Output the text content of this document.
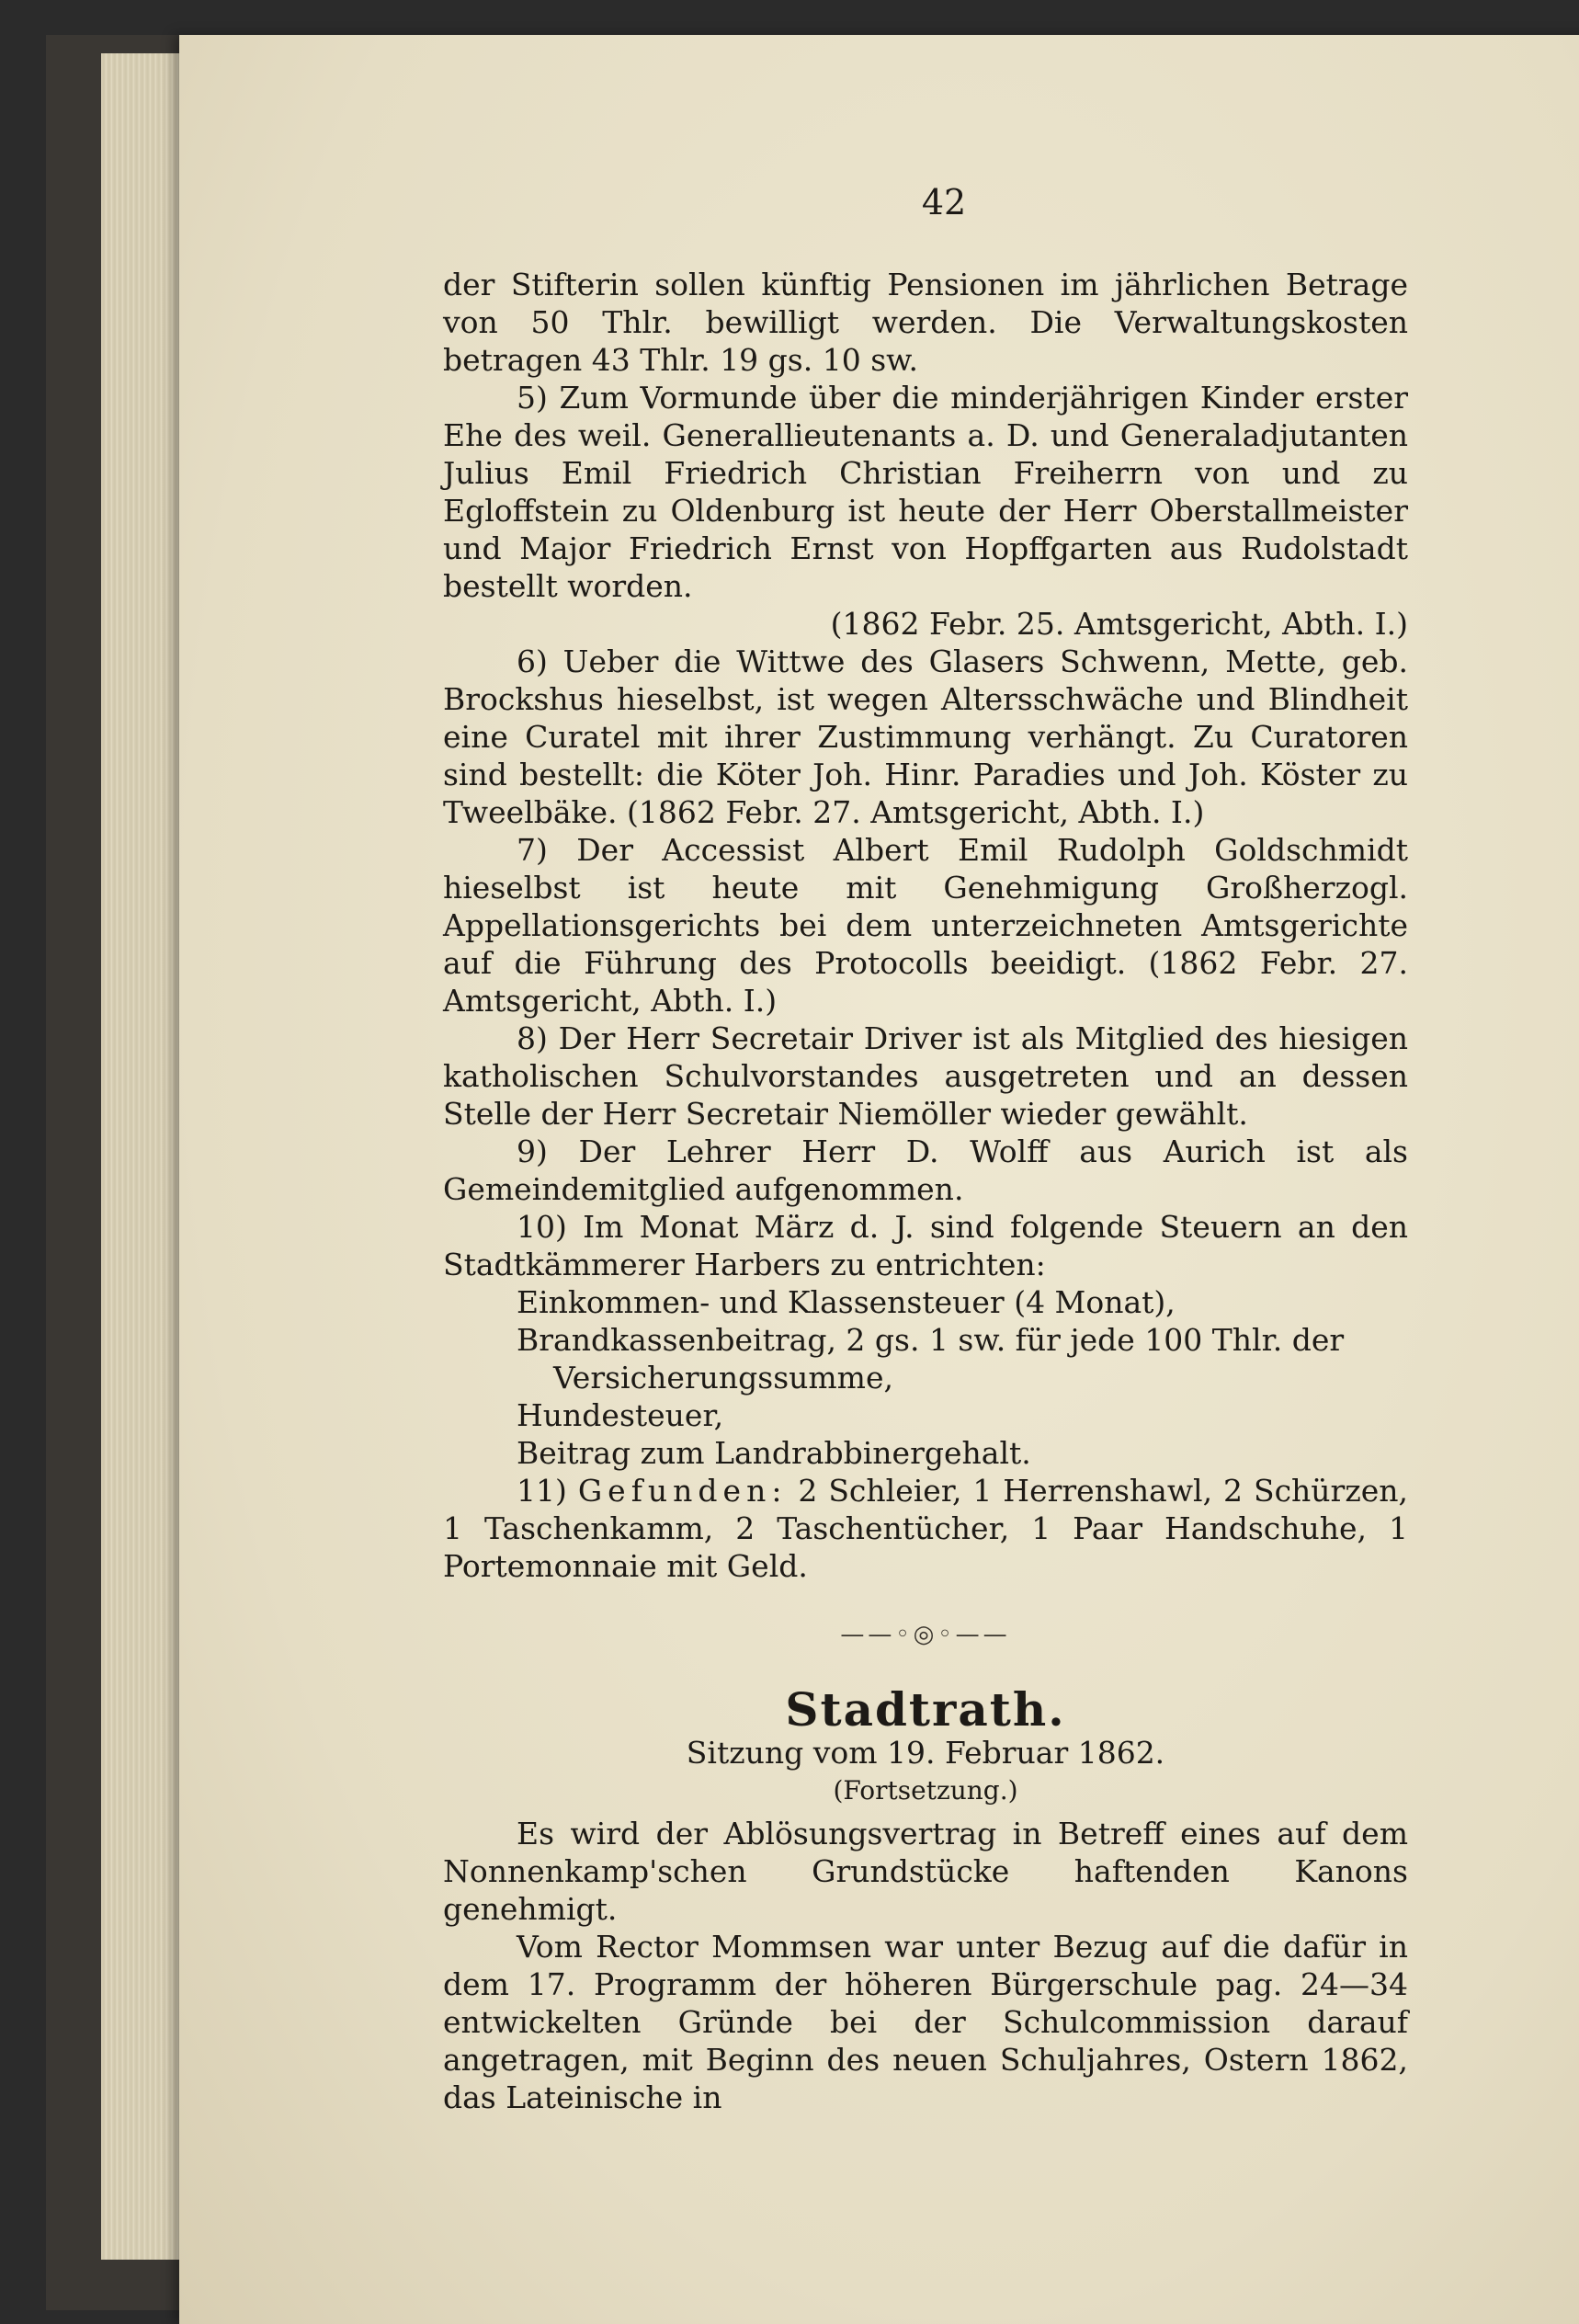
42

der Stifterin sollen künftig Pensionen im jährlichen Betrage von 50 Thlr. bewilligt werden. Die Verwaltungskosten betragen 43 Thlr. 19 gs. 10 sw.

5) Zum Vormunde über die minderjährigen Kinder erster Ehe des weil. Generallieutenants a. D. und Generaladjutanten Julius Emil Friedrich Christian Freiherrn von und zu Egloffstein zu Oldenburg ist heute der Herr Oberstallmeister und Major Friedrich Ernst von Hopffgarten aus Rudolstadt bestellt worden.

(1862 Febr. 25. Amtsgericht, Abth. I.)

6) Ueber die Wittwe des Glasers Schwenn, Mette, geb. Brockshus hieselbst, ist wegen Altersschwäche und Blindheit eine Curatel mit ihrer Zustimmung verhängt. Zu Curatoren sind bestellt: die Köter Joh. Hinr. Paradies und Joh. Köster zu Tweelbäke. (1862 Febr. 27. Amtsgericht, Abth. I.)

7) Der Accessist Albert Emil Rudolph Goldschmidt hieselbst ist heute mit Genehmigung Großherzogl. Appellationsgerichts bei dem unterzeichneten Amtsgerichte auf die Führung des Protocolls beeidigt. (1862 Febr. 27. Amtsgericht, Abth. I.)

8) Der Herr Secretair Driver ist als Mitglied des hiesigen katholischen Schulvorstandes ausgetreten und an dessen Stelle der Herr Secretair Niemöller wieder gewählt.

9) Der Lehrer Herr D. Wolff aus Aurich ist als Gemeindemitglied aufgenommen.

10) Im Monat März d. J. sind folgende Steuern an den Stadtkämmerer Harbers zu entrichten:

Einkommen- und Klassensteuer (4 Monat),

Brandkassenbeitrag, 2 gs. 1 sw. für jede 100 Thlr. der

Versicherungssumme,

Hundesteuer,

Beitrag zum Landrabbinergehalt.

11) Gefunden: 2 Schleier, 1 Herrenshawl, 2 Schürzen, 1 Taschenkamm, 2 Taschentücher, 1 Paar Handschuhe, 1 Portemonnaie mit Geld.

——◦◎◦——
Stadtrath.

Sitzung vom 19. Februar 1862.

(Fortsetzung.)

Es wird der Ablösungsvertrag in Betreff eines auf dem Nonnenkamp'schen Grundstücke haftenden Kanons genehmigt.

Vom Rector Mommsen war unter Bezug auf die dafür in dem 17. Programm der höheren Bürgerschule pag. 24—34 entwickelten Gründe bei der Schulcommission darauf angetragen, mit Beginn des neuen Schuljahres, Ostern 1862, das Lateinische in
